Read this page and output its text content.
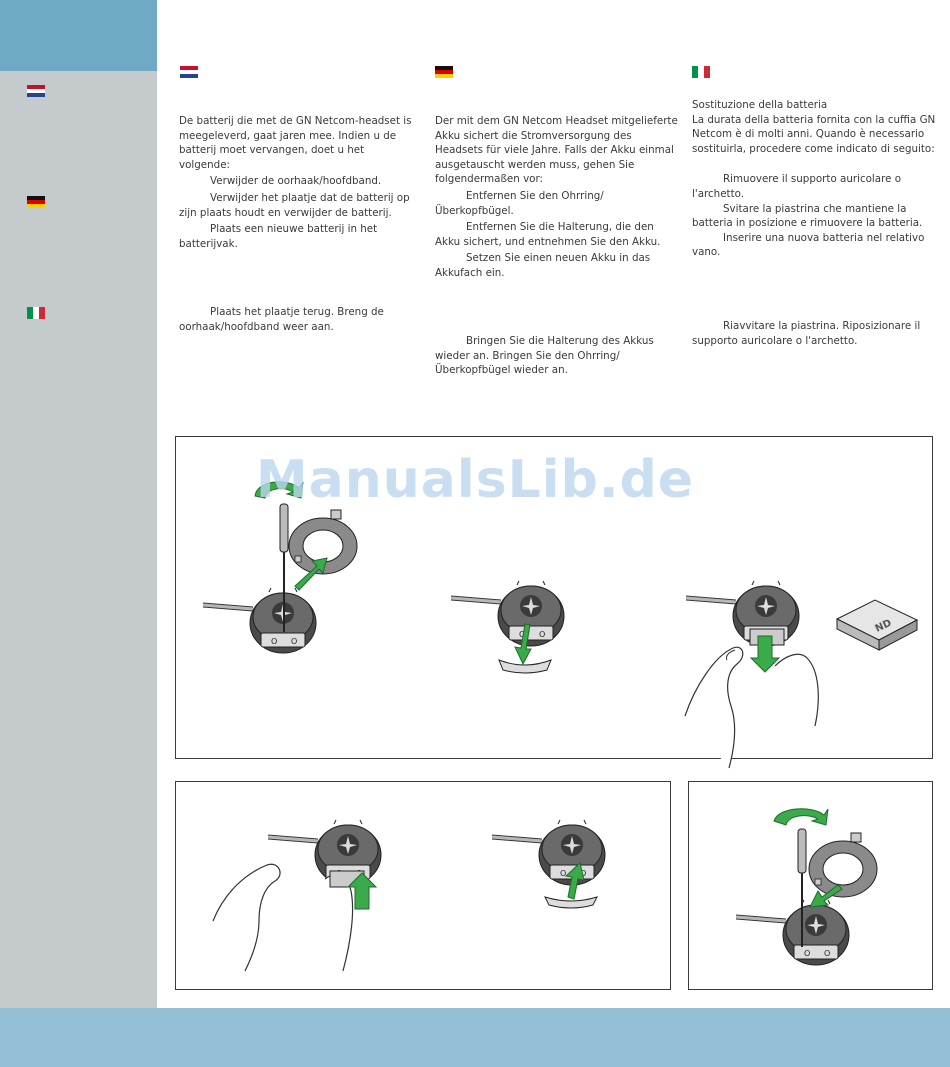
De batterij die met de GN Netcom-headset is meegeleverd, gaat jaren mee. Indien u de batterij moet vervangen, doet u het volgende:

Verwijder de oorhaak/hoofdband.

Verwijder het plaatje dat de batterij op zijn plaats houdt en verwijder de batterij.

Plaats een nieuwe batterij in het batterijvak.

Plaats het plaatje terug. Breng de oorhaak/hoofdband weer aan.

Der mit dem GN Netcom Headset mitgelieferte Akku sichert die Stromversorgung des Headsets für viele Jahre. Falls der Akku einmal ausgetauscht werden muss, gehen Sie folgendermaßen vor:

Entfernen Sie den Ohrring/Überkopfbügel.

Entfernen Sie die Halterung, die den Akku sichert, und entnehmen Sie den Akku.

Setzen Sie einen neuen Akku in das Akkufach ein.

Bringen Sie die Halterung des Akkus wieder an. Bringen Sie den Ohrring/Überkopfbügel wieder an.

Sostituzione della batteria

La durata della batteria fornita con la cuffia GN Netcom è di molti anni. Quando è necessario sostituirla, procedere come indicato di seguito:

Rimuovere il supporto auricolare o l'archetto.

Svitare la piastrina che mantiene la batteria in posizione e rimuovere la batteria.

Inserire una nuova batteria nel relativo vano.

Riavvitare la piastrina. Riposizionare il supporto auricolare o l'archetto.

ND
ManualsLib.de
